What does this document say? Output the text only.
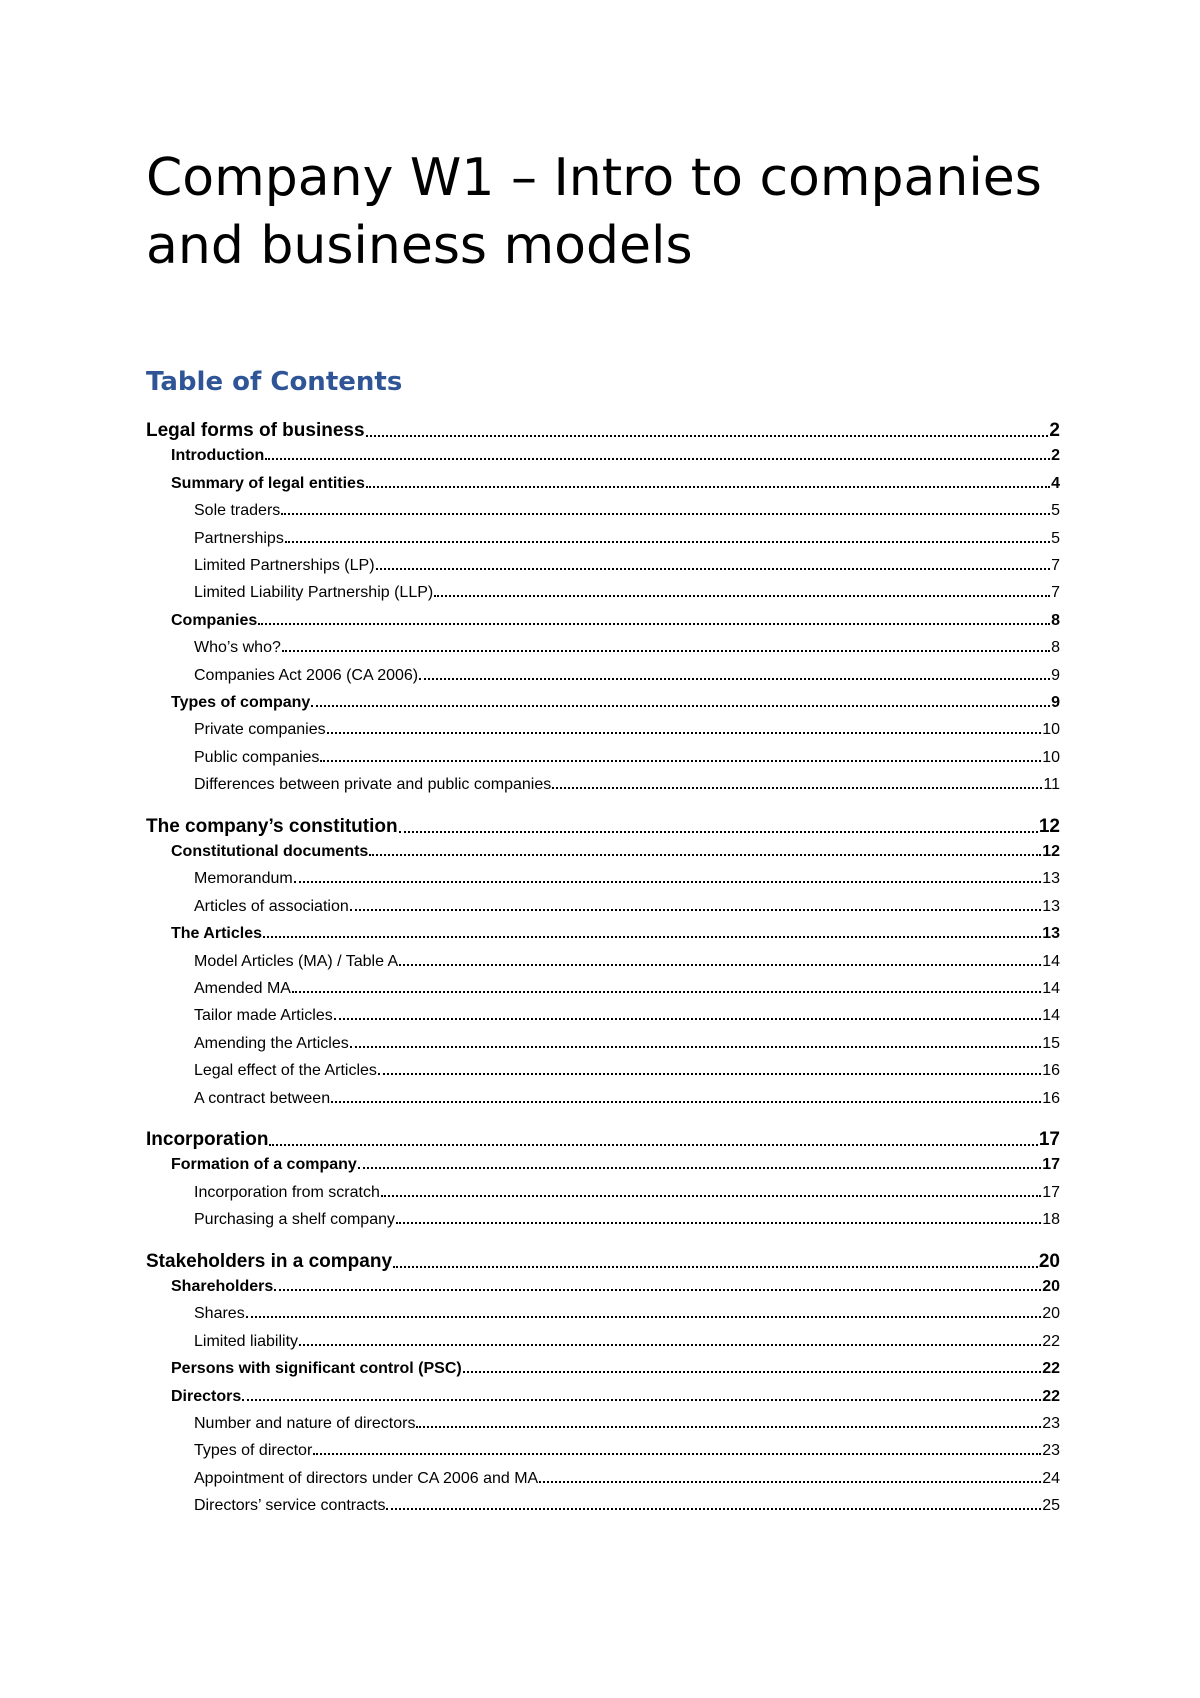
Company W1 – Intro to companies and business models
Table of Contents
Legal forms of business	2
Introduction	2
Summary of legal entities	4
Sole traders	5
Partnerships	5
Limited Partnerships (LP)	7
Limited Liability Partnership (LLP)	7
Companies	8
Who’s who?	8
Companies Act 2006 (CA 2006)	9
Types of company	9
Private companies	10
Public companies	10
Differences between private and public companies	11
The company’s constitution	12
Constitutional documents	12
Memorandum	13
Articles of association	13
The Articles	13
Model Articles (MA) / Table A	14
Amended MA	14
Tailor made Articles	14
Amending the Articles	15
Legal effect of the Articles	16
A contract between	16
Incorporation	17
Formation of a company	17
Incorporation from scratch	17
Purchasing a shelf company	18
Stakeholders in a company	20
Shareholders	20
Shares	20
Limited liability	22
Persons with significant control (PSC)	22
Directors	22
Number and nature of directors	23
Types of director	23
Appointment of directors under CA 2006 and MA	24
Directors’ service contracts	25
